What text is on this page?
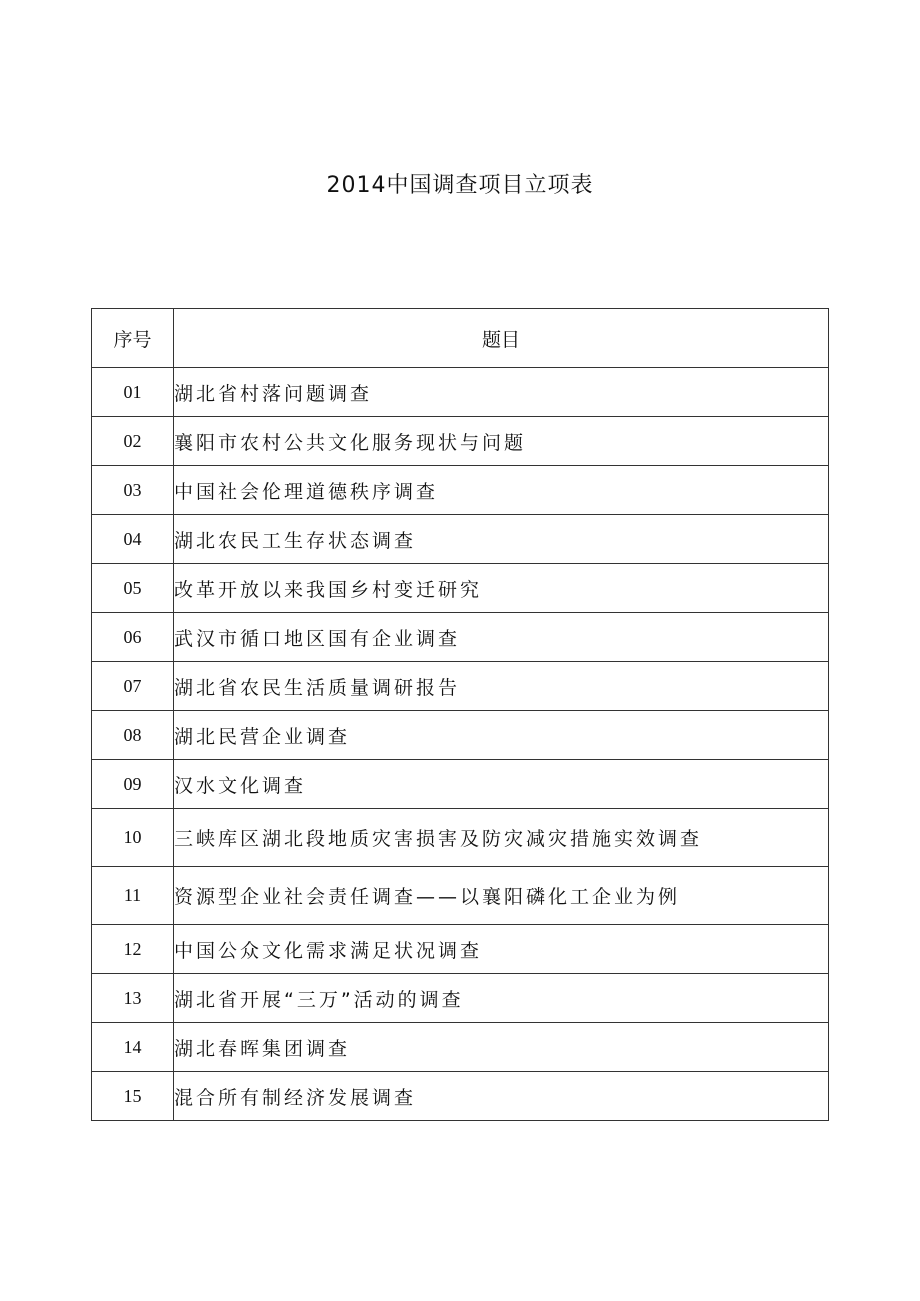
2014中国调查项目立项表
序号	题目
01	湖北省村落问题调查
02	襄阳市农村公共文化服务现状与问题
03	中国社会伦理道德秩序调查
04	湖北农民工生存状态调查
05	改革开放以来我国乡村变迁研究
06	武汉市循口地区国有企业调查
07	湖北省农民生活质量调研报告
08	湖北民营企业调查
09	汉水文化调查
10	三峡库区湖北段地质灾害损害及防灾减灾措施实效调查
11	资源型企业社会责任调查——以襄阳磷化工企业为例
12	中国公众文化需求满足状况调查
13	湖北省开展“三万”活动的调查
14	湖北春晖集团调查
15	混合所有制经济发展调查
